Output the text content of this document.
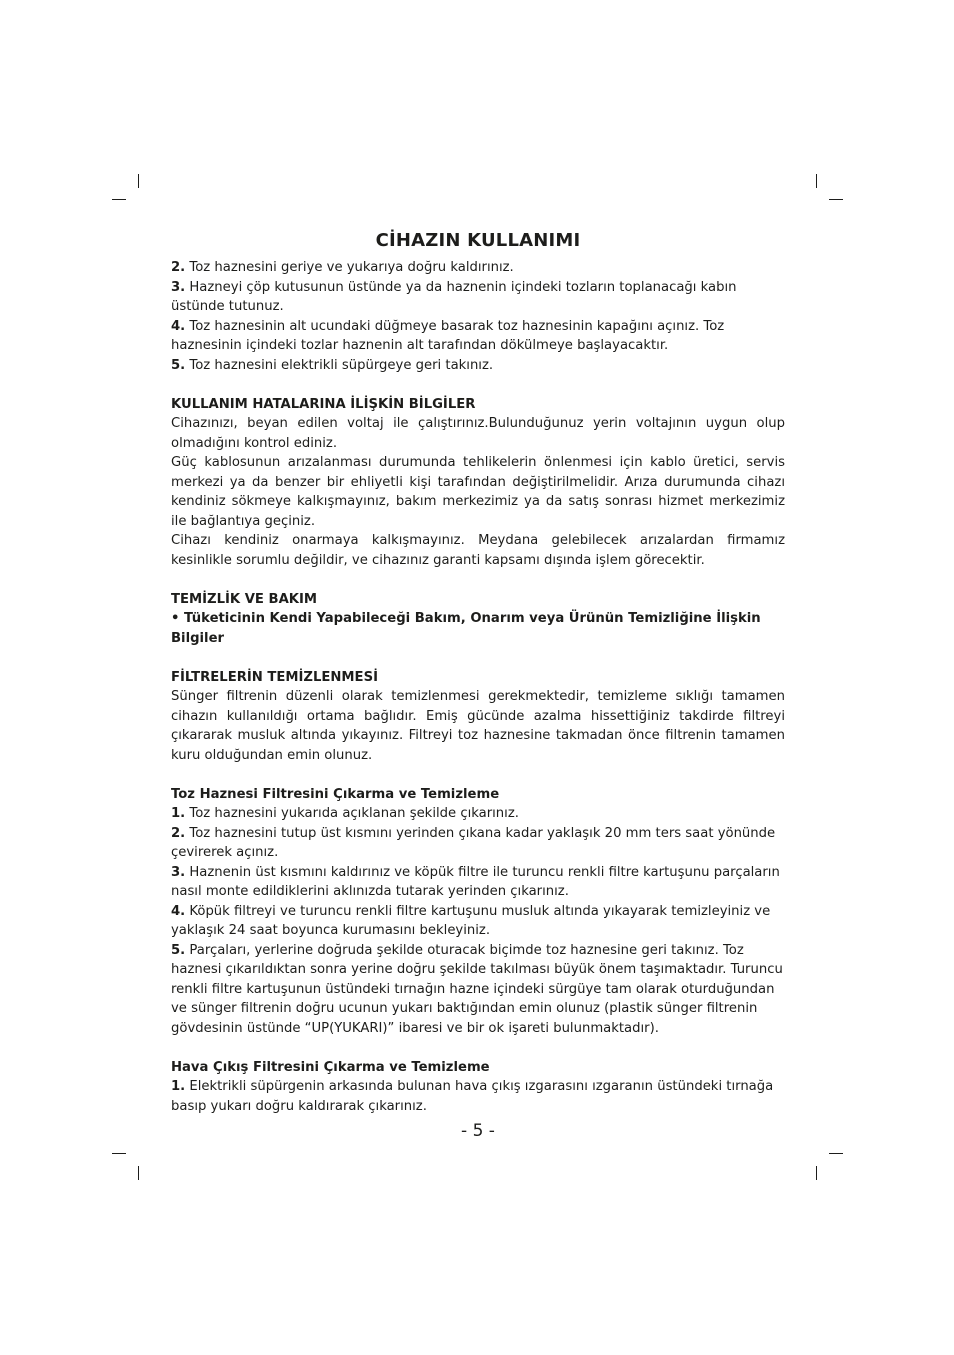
CİHAZIN KULLANIMI

2. Toz haznesini geriye ve yukarıya doğru kaldırınız.

3. Hazneyi çöp kutusunun üstünde ya da haznenin içindeki tozların toplanacağı kabın üstünde tutunuz.

4. Toz haznesinin alt ucundaki düğmeye basarak toz haznesinin kapağını açınız. Toz haznesinin içindeki tozlar haznenin alt tarafından dökülmeye başlayacaktır.

5. Toz haznesini elektrikli süpürgeye geri takınız.

KULLANIM HATALARINA İLİŞKİN BİLGİLER

Cihazınızı, beyan edilen voltaj ile çalıştırınız.Bulunduğunuz yerin voltajının uygun olup olmadığını kontrol ediniz.

Güç kablosunun arızalanması durumunda tehlikelerin önlenmesi için kablo üretici, servis merkezi ya da benzer bir ehliyetli kişi tarafından değiştirilmelidir. Arıza durumunda cihazı kendiniz sökmeye kalkışmayınız, bakım merkezimiz ya da satış sonrası hizmet merkezimiz ile bağlantıya geçiniz.

Cihazı kendiniz onarmaya kalkışmayınız. Meydana gelebilecek arızalardan firmamız kesinlikle sorumlu değildir, ve cihazınız garanti kapsamı dışında işlem görecektir.

TEMİZLİK VE BAKIM

• Tüketicinin Kendi Yapabileceği Bakım, Onarım veya Ürünün Temizliğine İlişkin Bilgiler

FİLTRELERİN TEMİZLENMESİ

Sünger filtrenin düzenli olarak temizlenmesi gerekmektedir, temizleme sıklığı tamamen cihazın kullanıldığı ortama bağlıdır. Emiş gücünde azalma hissettiğiniz takdirde filtreyi çıkararak musluk altında yıkayınız. Filtreyi toz haznesine takmadan önce filtrenin tamamen kuru olduğundan emin olunuz.

Toz Haznesi Filtresini Çıkarma ve Temizleme

1. Toz haznesini yukarıda açıklanan şekilde çıkarınız.

2. Toz haznesini tutup üst kısmını yerinden çıkana kadar yaklaşık 20 mm ters saat yönünde çevirerek açınız.

3. Haznenin üst kısmını kaldırınız ve köpük filtre ile turuncu renkli filtre kartuşunu parçaların nasıl monte edildiklerini aklınızda tutarak yerinden çıkarınız.

4. Köpük filtreyi ve turuncu renkli filtre kartuşunu musluk altında yıkayarak temizleyiniz ve yaklaşık 24 saat boyunca kurumasını bekleyiniz.

5. Parçaları, yerlerine doğruda şekilde oturacak biçimde toz haznesine geri takınız. Toz haznesi çıkarıldıktan sonra yerine doğru şekilde takılması büyük önem taşımaktadır. Turuncu renkli filtre kartuşunun üstündeki tırnağın hazne içindeki sürgüye tam olarak oturduğundan ve sünger filtrenin doğru ucunun yukarı baktığından emin olunuz (plastik sünger filtrenin gövdesinin üstünde “UP(YUKARI)” ibaresi ve bir ok işareti bulunmaktadır).

Hava Çıkış Filtresini Çıkarma ve Temizleme

1. Elektrikli süpürgenin arkasında bulunan hava çıkış ızgarasını ızgaranın üstündeki tırnağa basıp yukarı doğru kaldırarak çıkarınız.

- 5 -
